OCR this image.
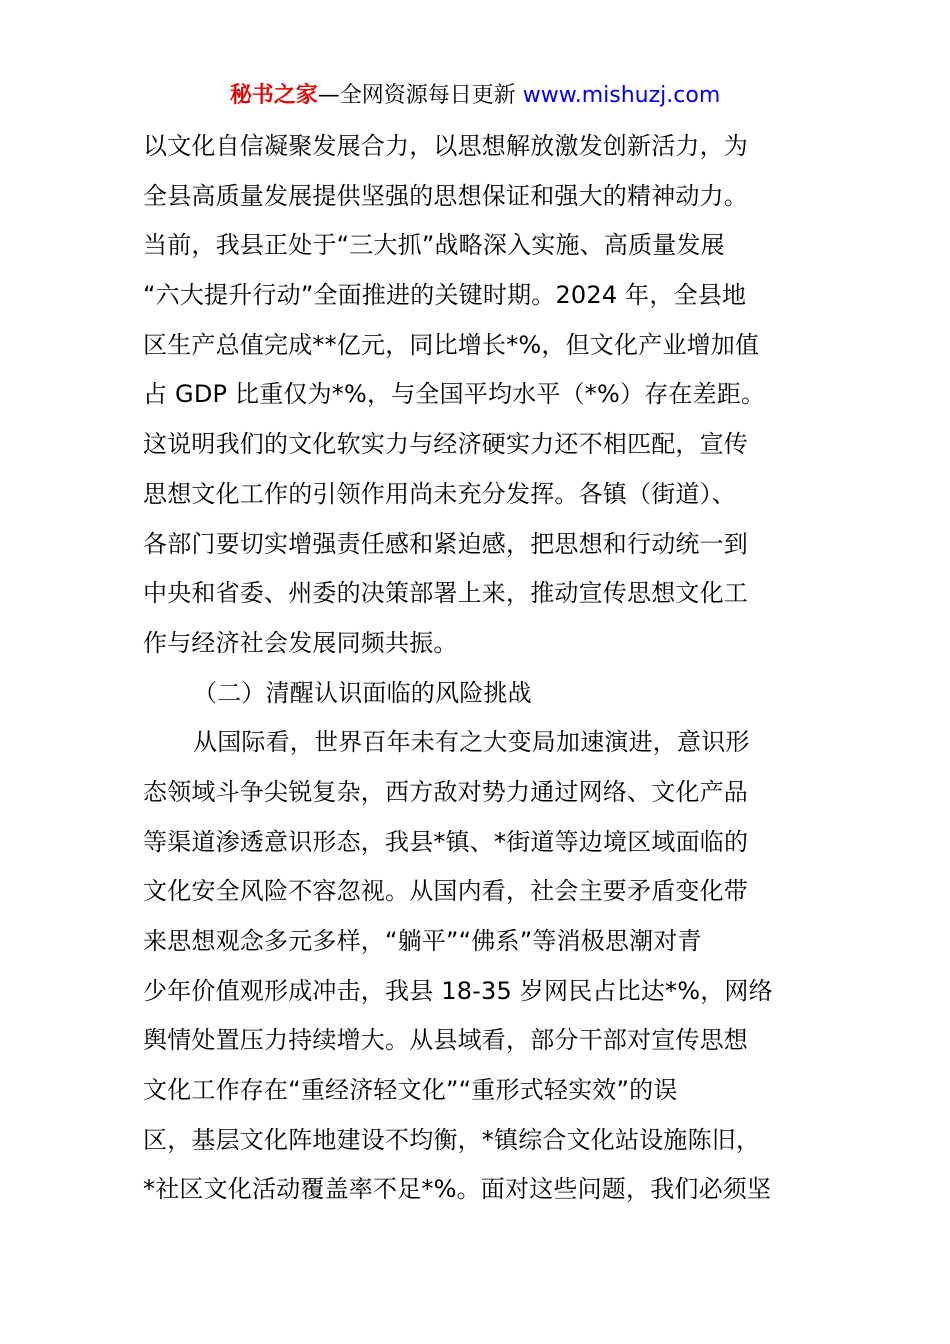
秘书之家—全网资源每日更新 www.mishuzj.com
以文化自信凝聚发展合力，以思想解放激发创新活力，为
全县高质量发展提供坚强的思想保证和强大的精神动力。
当前，我县正处于“三大抓”战略深入实施、高质量发展
“六大提升行动”全面推进的关键时期。2024 年，全县地
区生产总值完成**亿元，同比增长*%，但文化产业增加值
占 GDP 比重仅为*%，与全国平均水平（*%）存在差距。
这说明我们的文化软实力与经济硬实力还不相匹配，宣传
思想文化工作的引领作用尚未充分发挥。各镇（街道）、
各部门要切实增强责任感和紧迫感，把思想和行动统一到
中央和省委、州委的决策部署上来，推动宣传思想文化工
作与经济社会发展同频共振。
（二）清醒认识面临的风险挑战
从国际看，世界百年未有之大变局加速演进，意识形
态领域斗争尖锐复杂，西方敌对势力通过网络、文化产品
等渠道渗透意识形态，我县*镇、*街道等边境区域面临的
文化安全风险不容忽视。从国内看，社会主要矛盾变化带
来思想观念多元多样，“躺平”“佛系”等消极思潮对青
少年价值观形成冲击，我县 18-35 岁网民占比达*%，网络
舆情处置压力持续增大。从县域看，部分干部对宣传思想
文化工作存在“重经济轻文化”“重形式轻实效”的误
区，基层文化阵地建设不均衡，*镇综合文化站设施陈旧，
*社区文化活动覆盖率不足*%。面对这些问题，我们必须坚
